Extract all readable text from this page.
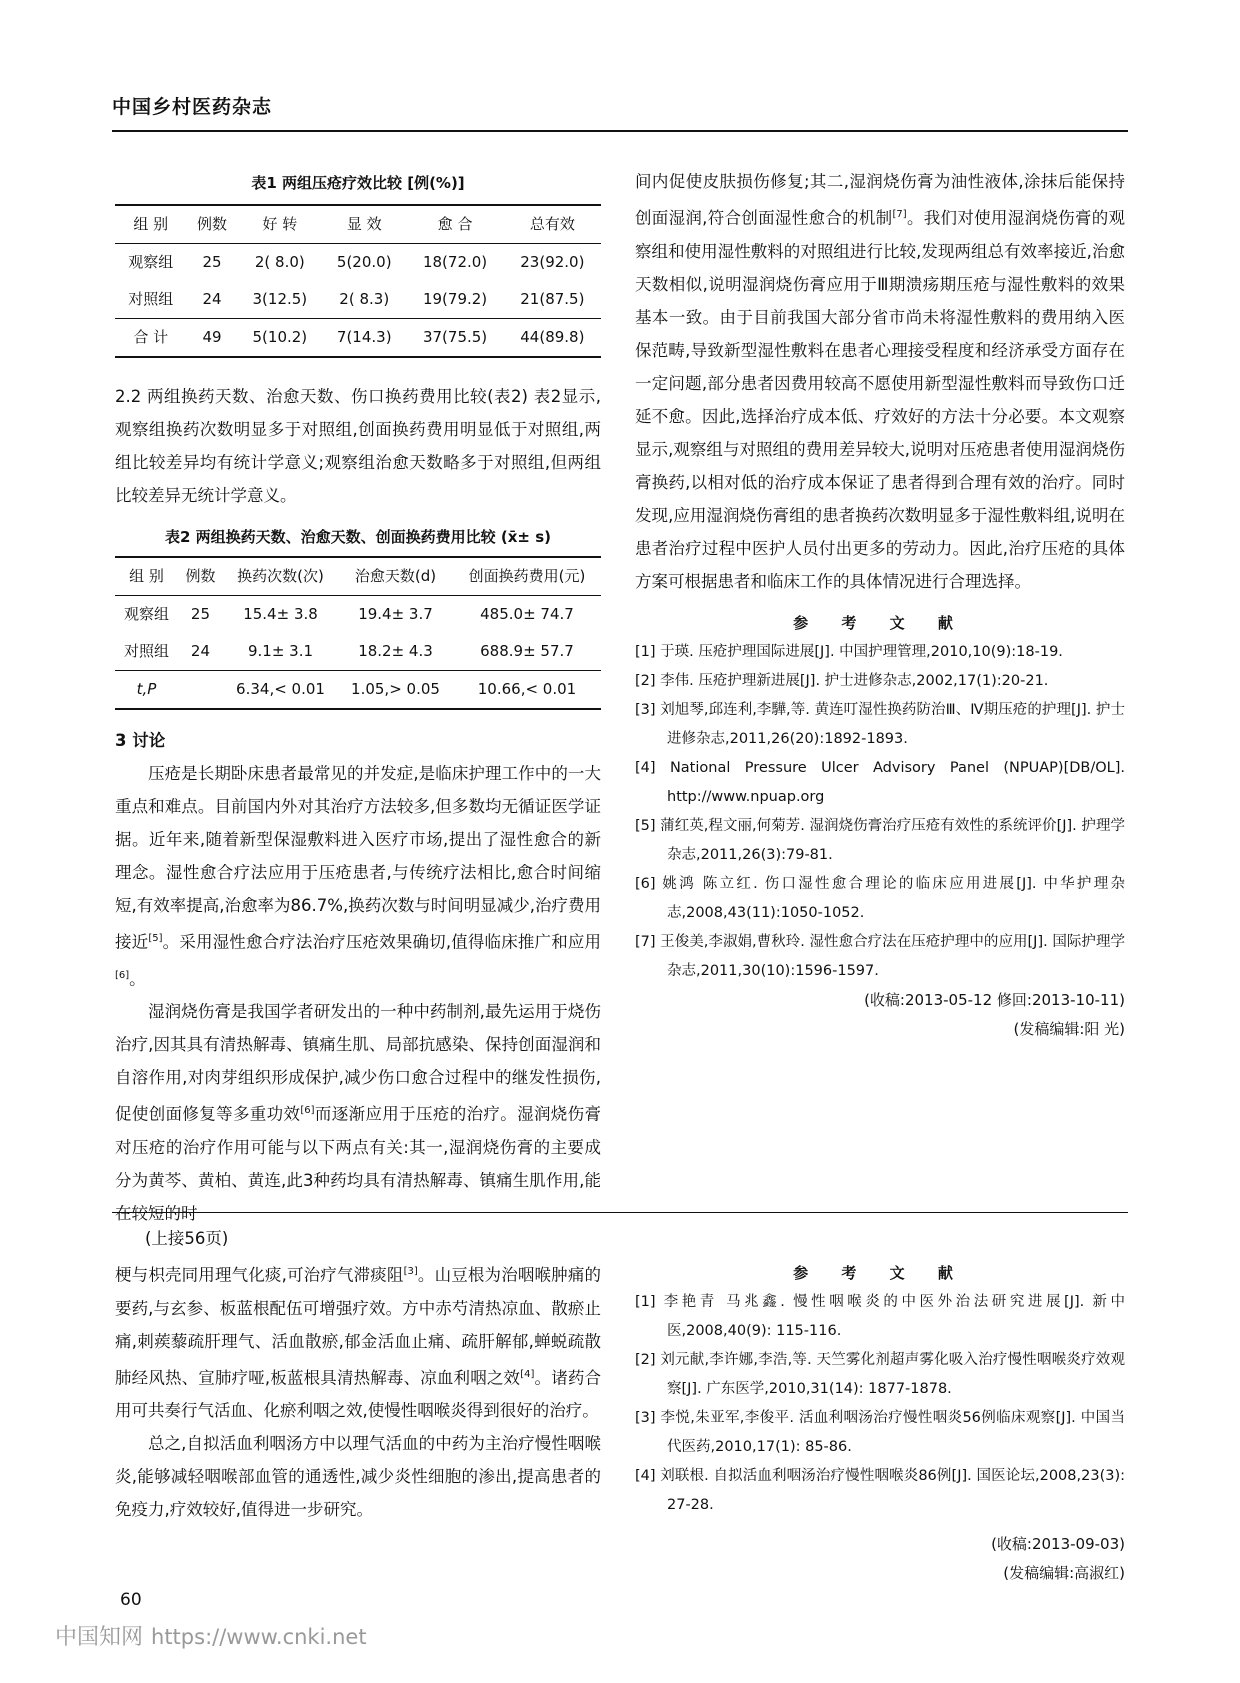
中国乡村医药杂志
表1 两组压疮疗效比较 [例(%)]
组 别	例数	好 转	显 效	愈 合	总有效
观察组	25	2( 8.0)	5(20.0)	18(72.0)	23(92.0)
对照组	24	3(12.5)	2( 8.3)	19(79.2)	21(87.5)
合 计	49	5(10.2)	7(14.3)	37(75.5)	44(89.8)

2.2 两组换药天数、治愈天数、伤口换药费用比较(表2) 表2显示,观察组换药次数明显多于对照组,创面换药费用明显低于对照组,两组比较差异均有统计学意义;观察组治愈天数略多于对照组,但两组比较差异无统计学意义。

表2 两组换药天数、治愈天数、创面换药费用比较 (x̄± s)
组 别	例数	换药次数(次)	治愈天数(d)	创面换药费用(元)
观察组	25	15.4± 3.8	19.4± 3.7	485.0± 74.7
对照组	24	9.1± 3.1	18.2± 4.3	688.9± 57.7
t,P		6.34,< 0.01	1.05,> 0.05	10.66,< 0.01

3 讨论

压疮是长期卧床患者最常见的并发症,是临床护理工作中的一大重点和难点。目前国内外对其治疗方法较多,但多数均无循证医学证据。近年来,随着新型保湿敷料进入医疗市场,提出了湿性愈合的新理念。湿性愈合疗法应用于压疮患者,与传统疗法相比,愈合时间缩短,有效率提高,治愈率为86.7%,换药次数与时间明显减少,治疗费用接近[5]。采用湿性愈合疗法治疗压疮效果确切,值得临床推广和应用[6]。

湿润烧伤膏是我国学者研发出的一种中药制剂,最先运用于烧伤治疗,因其具有清热解毒、镇痛生肌、局部抗感染、保持创面湿润和自溶作用,对肉芽组织形成保护,减少伤口愈合过程中的继发性损伤,促使创面修复等多重功效[6]而逐渐应用于压疮的治疗。湿润烧伤膏对压疮的治疗作用可能与以下两点有关:其一,湿润烧伤膏的主要成分为黄芩、黄柏、黄连,此3种药均具有清热解毒、镇痛生肌作用,能在较短的时

间内促使皮肤损伤修复;其二,湿润烧伤膏为油性液体,涂抹后能保持创面湿润,符合创面湿性愈合的机制[7]。我们对使用湿润烧伤膏的观察组和使用湿性敷料的对照组进行比较,发现两组总有效率接近,治愈天数相似,说明湿润烧伤膏应用于Ⅲ期溃疡期压疮与湿性敷料的效果基本一致。由于目前我国大部分省市尚未将湿性敷料的费用纳入医保范畴,导致新型湿性敷料在患者心理接受程度和经济承受方面存在一定问题,部分患者因费用较高不愿使用新型湿性敷料而导致伤口迁延不愈。因此,选择治疗成本低、疗效好的方法十分必要。本文观察显示,观察组与对照组的费用差异较大,说明对压疮患者使用湿润烧伤膏换药,以相对低的治疗成本保证了患者得到合理有效的治疗。同时发现,应用湿润烧伤膏组的患者换药次数明显多于湿性敷料组,说明在患者治疗过程中医护人员付出更多的劳动力。因此,治疗压疮的具体方案可根据患者和临床工作的具体情况进行合理选择。

参 考 文 献

[1] 于瑛. 压疮护理国际进展[J]. 中国护理管理,2010,10(9):18-19.

[2] 李伟. 压疮护理新进展[J]. 护士进修杂志,2002,17(1):20-21.

[3] 刘旭琴,邱连利,李驊,等. 黄连叮湿性换药防治Ⅲ、Ⅳ期压疮的护理[J]. 护士进修杂志,2011,26(20):1892-1893.

[4] National Pressure Ulcer Advisory Panel (NPUAP)[DB/OL]. http://www.npuap.org

[5] 蒲红英,程文丽,何菊芳. 湿润烧伤膏治疗压疮有效性的系统评价[J]. 护理学杂志,2011,26(3):79-81.

[6] 姚鸿 陈立红. 伤口湿性愈合理论的临床应用进展[J]. 中华护理杂志,2008,43(11):1050-1052.

[7] 王俊美,李淑娟,曹秋玲. 湿性愈合疗法在压疮护理中的应用[J]. 国际护理学杂志,2011,30(10):1596-1597.

(收稿:2013-05-12 修回:2013-10-11)

(发稿编辑:阳 光)

(上接56页)

梗与枳壳同用理气化痰,可治疗气滞痰阻[3]。山豆根为治咽喉肿痛的要药,与玄参、板蓝根配伍可增强疗效。方中赤芍清热凉血、散瘀止痛,刺蒺藜疏肝理气、活血散瘀,郁金活血止痛、疏肝解郁,蝉蜕疏散肺经风热、宣肺疗哑,板蓝根具清热解毒、凉血利咽之效[4]。诸药合用可共奏行气活血、化瘀利咽之效,使慢性咽喉炎得到很好的治疗。

总之,自拟活血利咽汤方中以理气活血的中药为主治疗慢性咽喉炎,能够减轻咽喉部血管的通透性,减少炎性细胞的渗出,提高患者的免疫力,疗效较好,值得进一步研究。

参 考 文 献

[1] 李艳青 马兆鑫. 慢性咽喉炎的中医外治法研究进展[J]. 新中医,2008,40(9): 115-116.

[2] 刘元献,李许娜,李浩,等. 天竺雾化剂超声雾化吸入治疗慢性咽喉炎疗效观察[J]. 广东医学,2010,31(14): 1877-1878.

[3] 李悦,朱亚军,李俊平. 活血利咽汤治疗慢性咽炎56例临床观察[J]. 中国当代医药,2010,17(1): 85-86.

[4] 刘联根. 自拟活血利咽汤治疗慢性咽喉炎86例[J]. 国医论坛,2008,23(3): 27-28.

(收稿:2013-09-03)

(发稿编辑:高淑红)

60
中国知网 https://www.cnki.net
